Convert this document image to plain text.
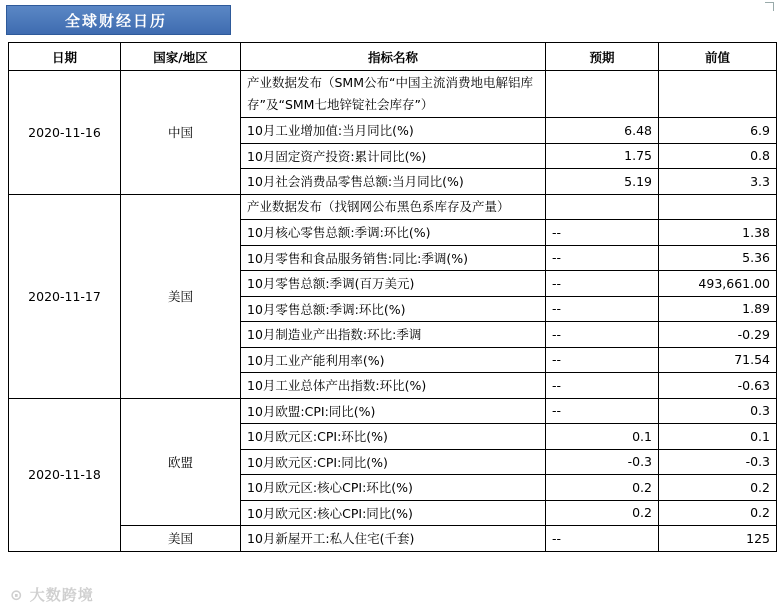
全球财经日历
日期	国家/地区	指标名称	预期	前值
2020-11-16	中国	产业数据发布（SMM公布“中国主流消费地电解铝库存”及“SMM七地锌锭社会库存”）		
		10月工业增加值:当月同比(%)	6.48	6.9
		10月固定资产投资:累计同比(%)	1.75	0.8
		10月社会消费品零售总额:当月同比(%)	5.19	3.3
2020-11-17	美国	产业数据发布（找钢网公布黑色系库存及产量）		
		10月核心零售总额:季调:环比(%)	--	1.38
		10月零售和食品服务销售:同比:季调(%)	--	5.36
		10月零售总额:季调(百万美元)	--	493,661.00
		10月零售总额:季调:环比(%)	--	1.89
		10月制造业产出指数:环比:季调	--	-0.29
		10月工业产能利用率(%)	--	71.54
		10月工业总体产出指数:环比(%)	--	-0.63
2020-11-18	欧盟	10月欧盟:CPI:同比(%)	--	0.3
		10月欧元区:CPI:环比(%)	0.1	0.1
		10月欧元区:CPI:同比(%)	-0.3	-0.3
		10月欧元区:核心CPI:环比(%)	0.2	0.2
		10月欧元区:核心CPI:同比(%)	0.2	0.2
	美国	10月新屋开工:私人住宅(千套)	--	125
⊙ 大数跨境
